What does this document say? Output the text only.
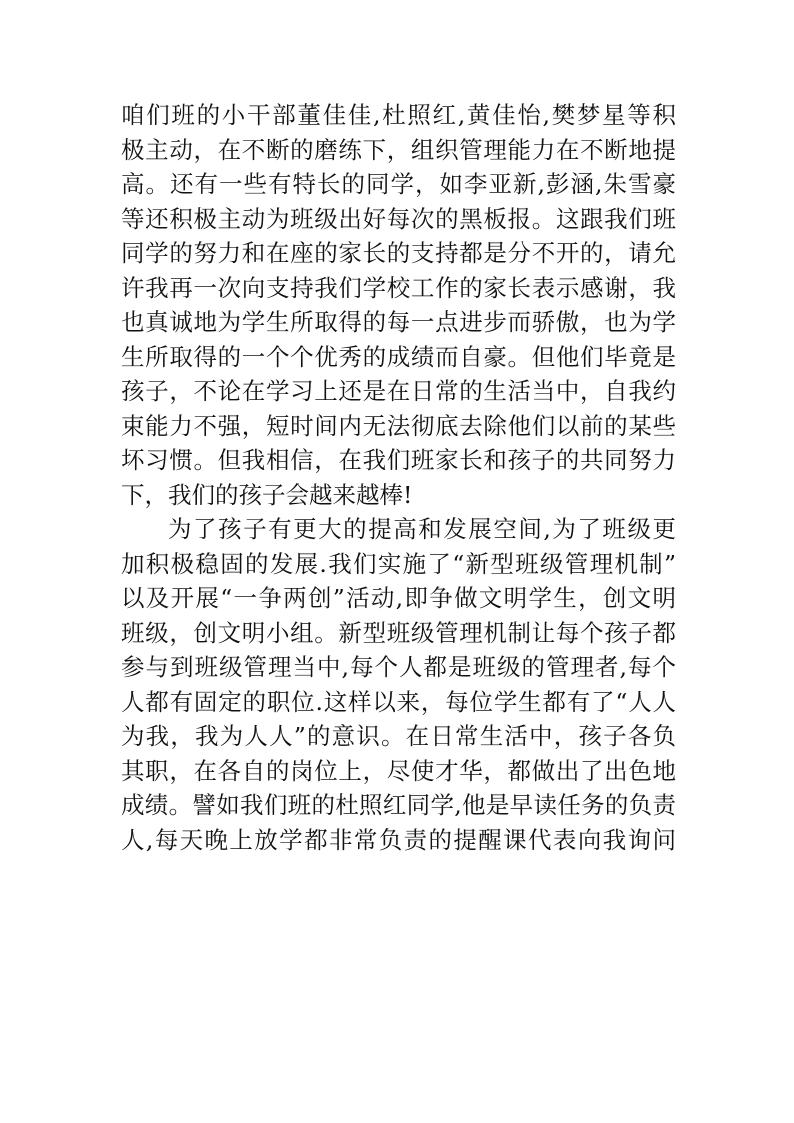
咱们班的小干部董佳佳,杜照红,黄佳怡,樊梦星等积
极主动，在不断的磨练下，组织管理能力在不断地提
高。还有一些有特长的同学，如李亚新,彭涵,朱雪豪
等还积极主动为班级出好每次的黑板报。这跟我们班
同学的努力和在座的家长的支持都是分不开的，请允
许我再一次向支持我们学校工作的家长表示感谢，我
也真诚地为学生所取得的每一点进步而骄傲，也为学
生所取得的一个个优秀的成绩而自豪。但他们毕竟是
孩子，不论在学习上还是在日常的生活当中，自我约
束能力不强，短时间内无法彻底去除他们以前的某些
坏习惯。但我相信，在我们班家长和孩子的共同努力
下，我们的孩子会越来越棒!
为了孩子有更大的提高和发展空间,为了班级更
加积极稳固的发展.我们实施了“新型班级管理机制”
以及开展“一争两创”活动,即争做文明学生，创文明
班级，创文明小组。新型班级管理机制让每个孩子都
参与到班级管理当中,每个人都是班级的管理者,每个
人都有固定的职位.这样以来，每位学生都有了“人人
为我，我为人人”的意识。在日常生活中，孩子各负
其职，在各自的岗位上，尽使才华，都做出了出色地
成绩。譬如我们班的杜照红同学,他是早读任务的负责
人,每天晚上放学都非常负责的提醒课代表向我询问
